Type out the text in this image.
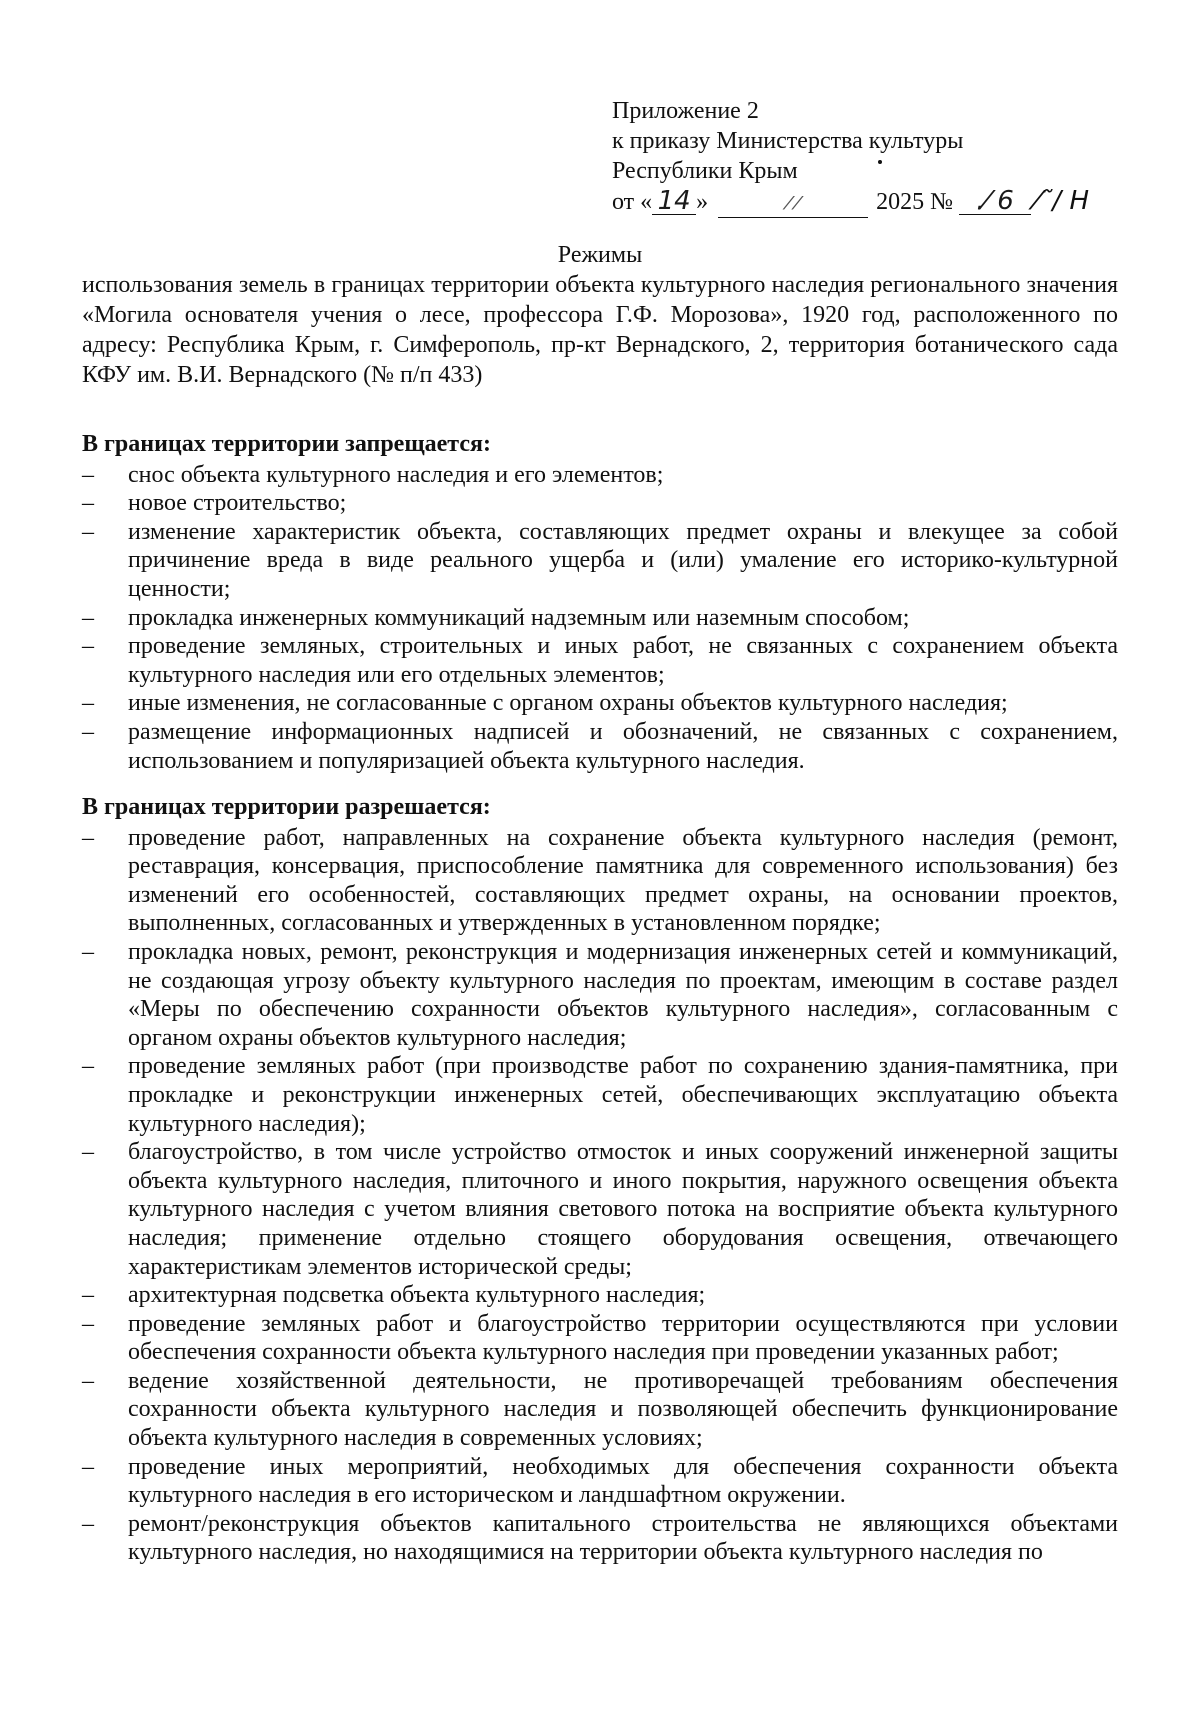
Приложение 2
к приказу Министерства культуры
Республики Крым
от « 14 »	⁄ ⁄	2025 № .⁄ 6 ⁄˜/ H
Режимы
использования земель в границах территории объекта культурного наследия регионального значения «Могила основателя учения о лесе, профессора Г.Ф. Морозова», 1920 год, расположенного по адресу: Республика Крым, г. Симферополь, пр-кт Вернадского, 2, территория ботанического сада КФУ им. В.И. Вернадского (№ п/п 433)
В границах территории запрещается:
–	снос объекта культурного наследия и его элементов;
–	новое строительство;
–	изменение характеристик объекта, составляющих предмет охраны и влекущее за собой причинение вреда в виде реального ущерба и (или) умаление его историко-культурной ценности;
–	прокладка инженерных коммуникаций надземным или наземным способом;
–	проведение земляных, строительных и иных работ, не связанных с сохранением объекта культурного наследия или его отдельных элементов;
–	иные изменения, не согласованные с органом охраны объектов культурного наследия;
–	размещение информационных надписей и обозначений, не связанных с сохранением, использованием и популяризацией объекта культурного наследия.
В границах территории разрешается:
–	проведение работ, направленных на сохранение объекта культурного наследия (ремонт, реставрация, консервация, приспособление памятника для современного использования) без изменений его особенностей, составляющих предмет охраны, на основании проектов, выполненных, согласованных и утвержденных в установленном порядке;
–	прокладка новых, ремонт, реконструкция и модернизация инженерных сетей и коммуникаций, не создающая угрозу объекту культурного наследия по проектам, имеющим в составе раздел «Меры по обеспечению сохранности объектов культурного наследия», согласованным с органом охраны объектов культурного наследия;
–	проведение земляных работ (при производстве работ по сохранению здания-памятника, при прокладке и реконструкции инженерных сетей, обеспечивающих эксплуатацию объекта культурного наследия);
–	благоустройство, в том числе устройство отмосток и иных сооружений инженерной защиты объекта культурного наследия, плиточного и иного покрытия, наружного освещения объекта культурного наследия с учетом влияния светового потока на восприятие объекта культурного наследия; применение отдельно стоящего оборудования освещения, отвечающего характеристикам элементов исторической среды;
–	архитектурная подсветка объекта культурного наследия;
–	проведение земляных работ и благоустройство территории осуществляются при условии обеспечения сохранности объекта культурного наследия при проведении указанных работ;
–	ведение хозяйственной деятельности, не противоречащей требованиям обеспечения сохранности объекта культурного наследия и позволяющей обеспечить функционирование объекта культурного наследия в современных условиях;
–	проведение иных мероприятий, необходимых для обеспечения сохранности объекта культурного наследия в его историческом и ландшафтном окружении.
–	ремонт/реконструкция объектов капитального строительства не являющихся объектами культурного наследия, но находящимися на территории объекта культурного наследия по
